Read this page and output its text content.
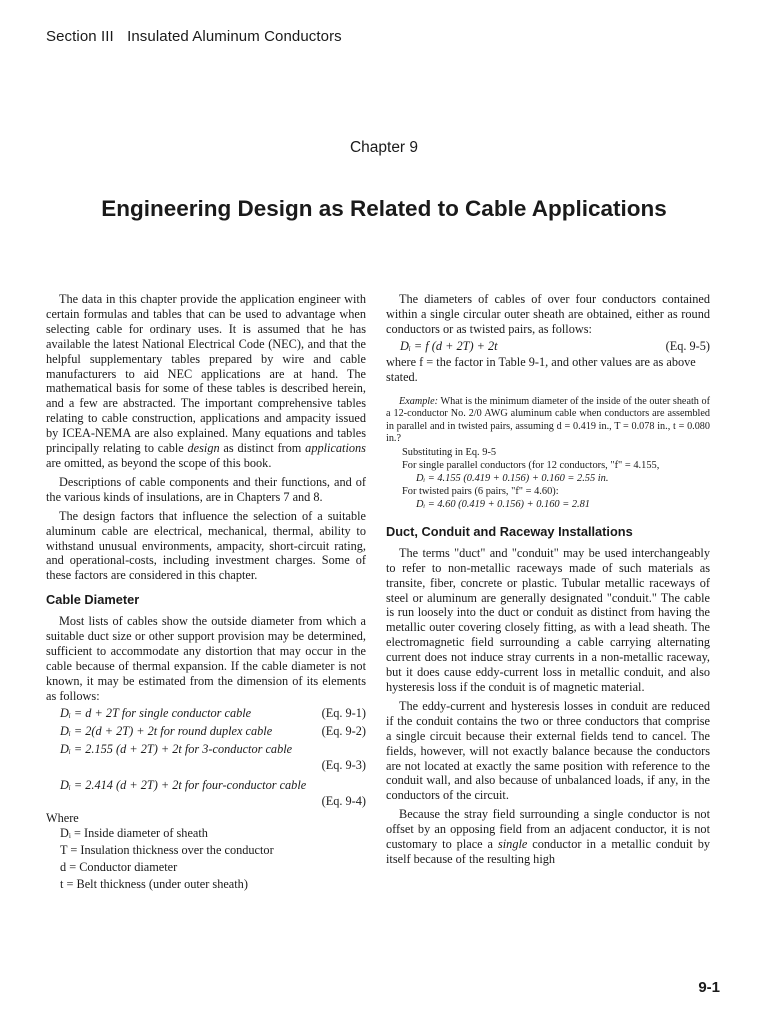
Section III Insulated Aluminum Conductors
Chapter 9
Engineering Design as Related to Cable Applications

The data in this chapter provide the application engineer with certain formulas and tables that can be used to advantage when selecting cable for ordinary uses. It is assumed that he has available the latest National Electrical Code (NEC), and that the helpful supplementary tables prepared by wire and cable manufacturers to aid NEC applications are at hand. The mathematical basis for some of these tables is described herein, and a few are abstracted. The important comprehensive tables relating to cable construction, applications and ampacity issued by ICEA-NEMA are also explained. Many equations and tables principally relating to cable design as distinct from applications are omitted, as beyond the scope of this book.

Descriptions of cable components and their functions, and of the various kinds of insulations, are in Chapters 7 and 8.

The design factors that influence the selection of a suitable aluminum cable are electrical, mechanical, thermal, ability to withstand unusual environments, ampacity, short-circuit rating, and operational-costs, including investment charges. Some of these factors are considered in this chapter.

Cable Diameter

Most lists of cables show the outside diameter from which a suitable duct size or other support provision may be determined, sufficient to accommodate any distortion that may occur in the cable because of thermal expansion. If the cable diameter is not known, it may be estimated from the dimension of its elements as follows:

Dᵢ = d + 2T for single conductor cable	(Eq. 9-1)
Dᵢ = 2(d + 2T) + 2t for round duplex cable	(Eq. 9-2)
Dᵢ = 2.155 (d + 2T) + 2t for 3-conductor cable
(Eq. 9-3)
Dᵢ = 2.414 (d + 2T) + 2t for four-conductor cable
(Eq. 9-4)

Where

Dᵢ = Inside diameter of sheath
T = Insulation thickness over the conductor
d = Conductor diameter
t = Belt thickness (under outer sheath)

The diameters of cables of over four conductors contained within a single circular outer sheath are obtained, either as round conductors or as twisted pairs, as follows:

Dᵢ = f (d + 2T) + 2t	(Eq. 9-5)

where f = the factor in Table 9-1, and other values are as above stated.

Example: What is the minimum diameter of the inside of the outer sheath of a 12-conductor No. 2/0 AWG aluminum cable when conductors are assembled in parallel and in twisted pairs, assuming d = 0.419 in., T = 0.078 in., t = 0.080 in.?

Substituting in Eq. 9-5
For single parallel conductors (for 12 conductors, "f" = 4.155,
Dᵢ = 4.155 (0.419 + 0.156) + 0.160 = 2.55 in.
For twisted pairs (6 pairs, "f" = 4.60):
Dᵢ = 4.60 (0.419 + 0.156) + 0.160 = 2.81

Duct, Conduit and Raceway Installations

The terms "duct" and "conduit" may be used interchangeably to refer to non-metallic raceways made of such materials as transite, fiber, concrete or plastic. Tubular metallic raceways of steel or aluminum are generally designated "conduit." The cable is run loosely into the duct or conduit as distinct from having the metallic outer covering closely fitting, as with a lead sheath. The electromagnetic field surrounding a cable carrying alternating current does not induce stray currents in a non-metallic raceway, but it does cause eddy-current loss in metallic conduit, and also hysteresis loss if the conduit is of magnetic material.

The eddy-current and hysteresis losses in conduit are reduced if the conduit contains the two or three conductors that comprise a single circuit because their external fields tend to cancel. The fields, however, will not exactly balance because the conductors are not located at exactly the same position with reference to the conduit wall, and also because of unbalanced loads, if any, in the conductors of the circuit.

Because the stray field surrounding a single conductor is not offset by an opposing field from an adjacent conductor, it is not customary to place a single conductor in a metallic conduit by itself because of the resulting high

9-1
